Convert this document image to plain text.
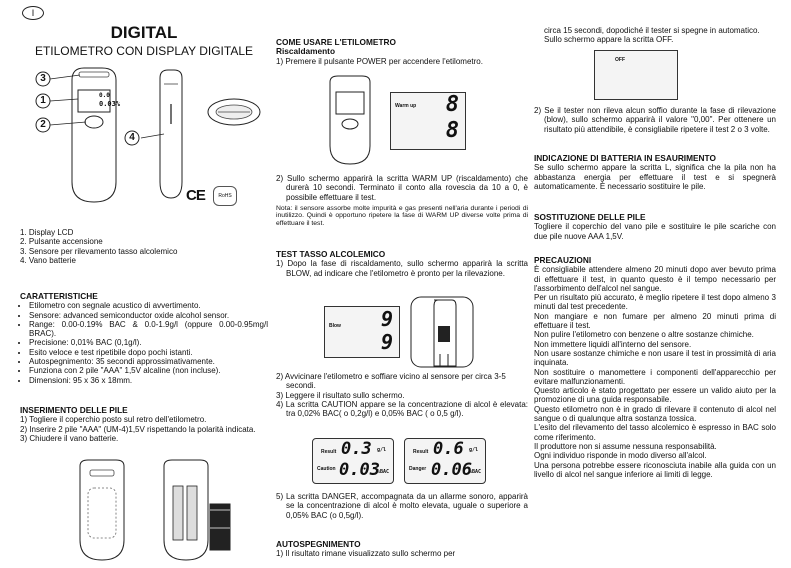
I
DIGITAL
ETILOMETRO CON DISPLAY DIGITALE
3
1
2
4
0.0
0.03%
CE	RoHS

1. Display LCD

2. Pulsante accensione

3. Sensore per rilevamento tasso alcolemico

4. Vano batterie

CARATTERISTICHE

• Etilometro con segnale acustico di avvertimento.
• Sensore: advanced semiconductor oxide alcohol sensor.
• Range: 0.00-0.19% BAC & 0.0-1.9g/l (oppure 0.00-0.95mg/l BRAC).
• Precisione: 0,01% BAC (0,1g/l).
• Esito veloce e test ripetibile dopo pochi istanti.
• Autospegnimento: 35 secondi approssimativamente.
• Funziona con 2 pile "AAA" 1,5V alcaline (non incluse).
• Dimensioni: 95 x 36 x 18mm.

INSERIMENTO DELLE PILE

1) Togliere il coperchio posto sul retro dell'etilometro.

2) Inserire 2 pile "AAA" (UM-4)1,5V rispettando la polarità indicata.

3) Chiudere il vano batterie.

COME USARE L'ETILOMETRO

Riscaldamento

1) Premere il pulsante POWER per accendere l'etilometro.

Warm up 8
8

2) Sullo schermo apparirà la scritta WARM UP (riscaldamento) che durerà 10 secondi. Terminato il conto alla rovescia da 10 a 0, è possibile effettuare il test.

Nota: il sensore assorbe molte impurità e gas presenti nell'aria durante i periodi di inutilizzo. Quindi è opportuno ripetere la fase di WARM UP diverse volte prima di effettuare il test.

TEST TASSO ALCOLEMICO

1) Dopo la fase di riscaldamento, sullo schermo apparirà la scritta BLOW, ad indicare che l'etilometro è pronto per la rilevazione.

Blow 9
9

2) Avvicinare l'etilometro e soffiare vicino al sensore per circa 3-5 secondi.

3) Leggere il risultato sullo schermo.

4) La scritta CAUTION appare se la concentrazione di alcol è elevata: tra 0,02% BAC( o 0,2g/l) e 0,05% BAC ( o 0,5 g/l).

Result 0.3 g/l
Caution 0.03
%BAC
Result 0.6 g/l
Danger 0.06
%BAC

5) La scritta DANGER, accompagnata da un allarme sonoro, apparirà se la concentrazione di alcol è molto elevata, uguale o superiore a 0,05% BAC (o 0,5g/l).

AUTOSPEGNIMENTO

1) Il risultato rimane visualizzato sullo schermo per

circa 15 secondi, dopodiché il tester si spegne in automatico. Sullo schermo appare la scritta OFF.

OFF

2) Se il tester non rileva alcun soffio durante la fase di rilevazione (blow), sullo schermo apparirà il valore "0,00". Per ottenere un risultato più attendibile, è consigliabile ripetere il test 2 o 3 volte.

INDICAZIONE DI BATTERIA IN ESAURIMENTO

Se sullo schermo appare la scritta L, significa che la pila non ha abbastanza energia per effettuare il test e si spegnerà automaticamente. È necessario sostituire le pile.

SOSTITUZIONE DELLE PILE

Togliere il coperchio del vano pile e sostituire le pile scariche con due pile nuove AAA 1,5V.

PRECAUZIONI

È consigliabile attendere almeno 20 minuti dopo aver bevuto prima di effettuare il test, in quanto questo è il tempo necessario per l'assorbimento dell'alcol nel sangue.

Per un risultato più accurato, è meglio ripetere il test dopo almeno 3 minuti dal test precedente.

Non mangiare e non fumare per almeno 20 minuti prima di effettuare il test.

Non pulire l'etilometro con benzene o altre sostanze chimiche.

Non immettere liquidi all'interno del sensore.

Non usare sostanze chimiche e non usare il test in prossimità di aria inquinata.

Non sostituire o manomettere i componenti dell'apparecchio per evitare malfunzionamenti.

Questo articolo è stato progettato per essere un valido aiuto per la promozione di una guida responsabile.

Questo etilometro non è in grado di rilevare il contenuto di alcol nel sangue o di qualunque altra sostanza tossica.

L'esito del rilevamento del tasso alcolemico è espresso in BAC solo come riferimento.

Il produttore non si assume nessuna responsabilità.

Ogni individuo risponde in modo diverso all'alcol.

Una persona potrebbe essere riconosciuta inabile alla guida con un livello di alcol nel sangue inferiore ai limiti di legge.
